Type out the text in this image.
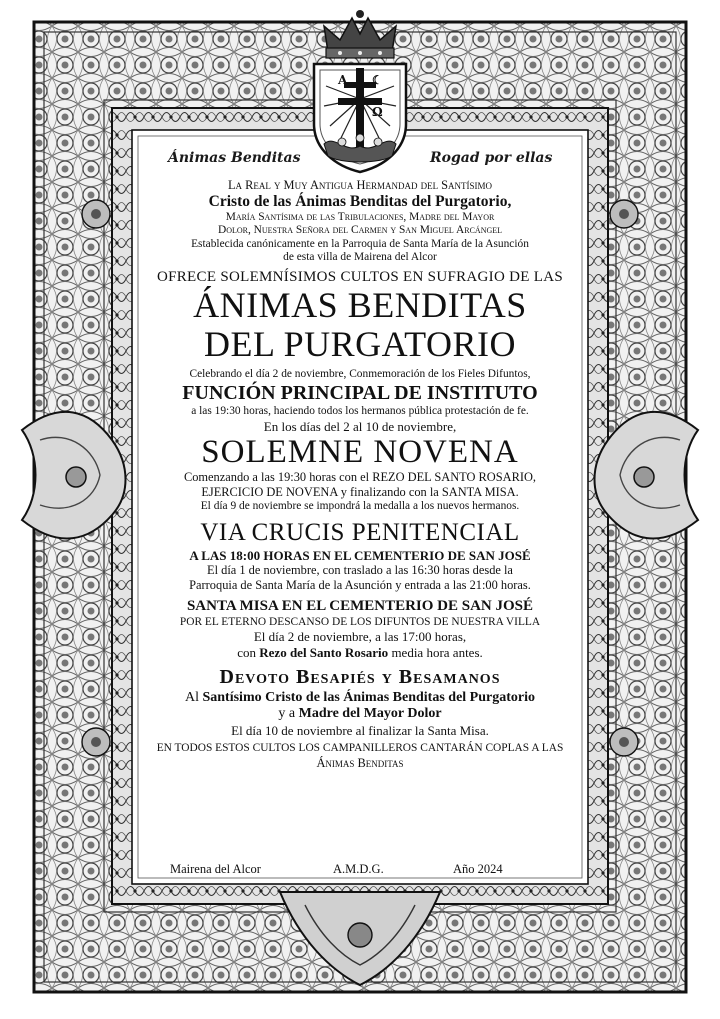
A ☾
Ω
Ánimas Benditas	Rogad por ellas
La Real y Muy Antigua Hermandad del Santísimo
Cristo de las Ánimas Benditas del Purgatorio,
María Santísima de las Tribulaciones, Madre del Mayor
Dolor, Nuestra Señora del Carmen y San Miguel Arcángel
Establecida canónicamente en la Parroquia de Santa María de la Asunción
de esta villa de Mairena del Alcor
OFRECE SOLEMNÍSIMOS CULTOS EN SUFRAGIO DE LAS
ÁNIMAS BENDITAS
DEL PURGATORIO
Celebrando el día 2 de noviembre, Conmemoración de los Fieles Difuntos,
FUNCIÓN PRINCIPAL DE INSTITUTO
a las 19:30 horas, haciendo todos los hermanos pública protestación de fe.
En los días del 2 al 10 de noviembre,
SOLEMNE NOVENA
Comenzando a las 19:30 horas con el REZO DEL SANTO ROSARIO,
EJERCICIO DE NOVENA y finalizando con la SANTA MISA.
El día 9 de noviembre se impondrá la medalla a los nuevos hermanos.
VIA CRUCIS PENITENCIAL
A LAS 18:00 HORAS EN EL CEMENTERIO DE SAN JOSÉ
El día 1 de noviembre, con traslado a las 16:30 horas desde la
Parroquia de Santa María de la Asunción y entrada a las 21:00 horas.
SANTA MISA EN EL CEMENTERIO DE SAN JOSÉ
POR EL ETERNO DESCANSO DE LOS DIFUNTOS DE NUESTRA VILLA
El día 2 de noviembre, a las 17:00 horas,
con Rezo del Santo Rosario media hora antes.
Devoto Besapiés y Besamanos
Al Santísimo Cristo de las Ánimas Benditas del Purgatorio
y a Madre del Mayor Dolor
El día 10 de noviembre al finalizar la Santa Misa.
EN TODOS ESTOS CULTOS LOS CAMPANILLEROS CANTARÁN COPLAS A LAS
Ánimas Benditas
Mairena del Alcor	A.M.D.G.	Año 2024
